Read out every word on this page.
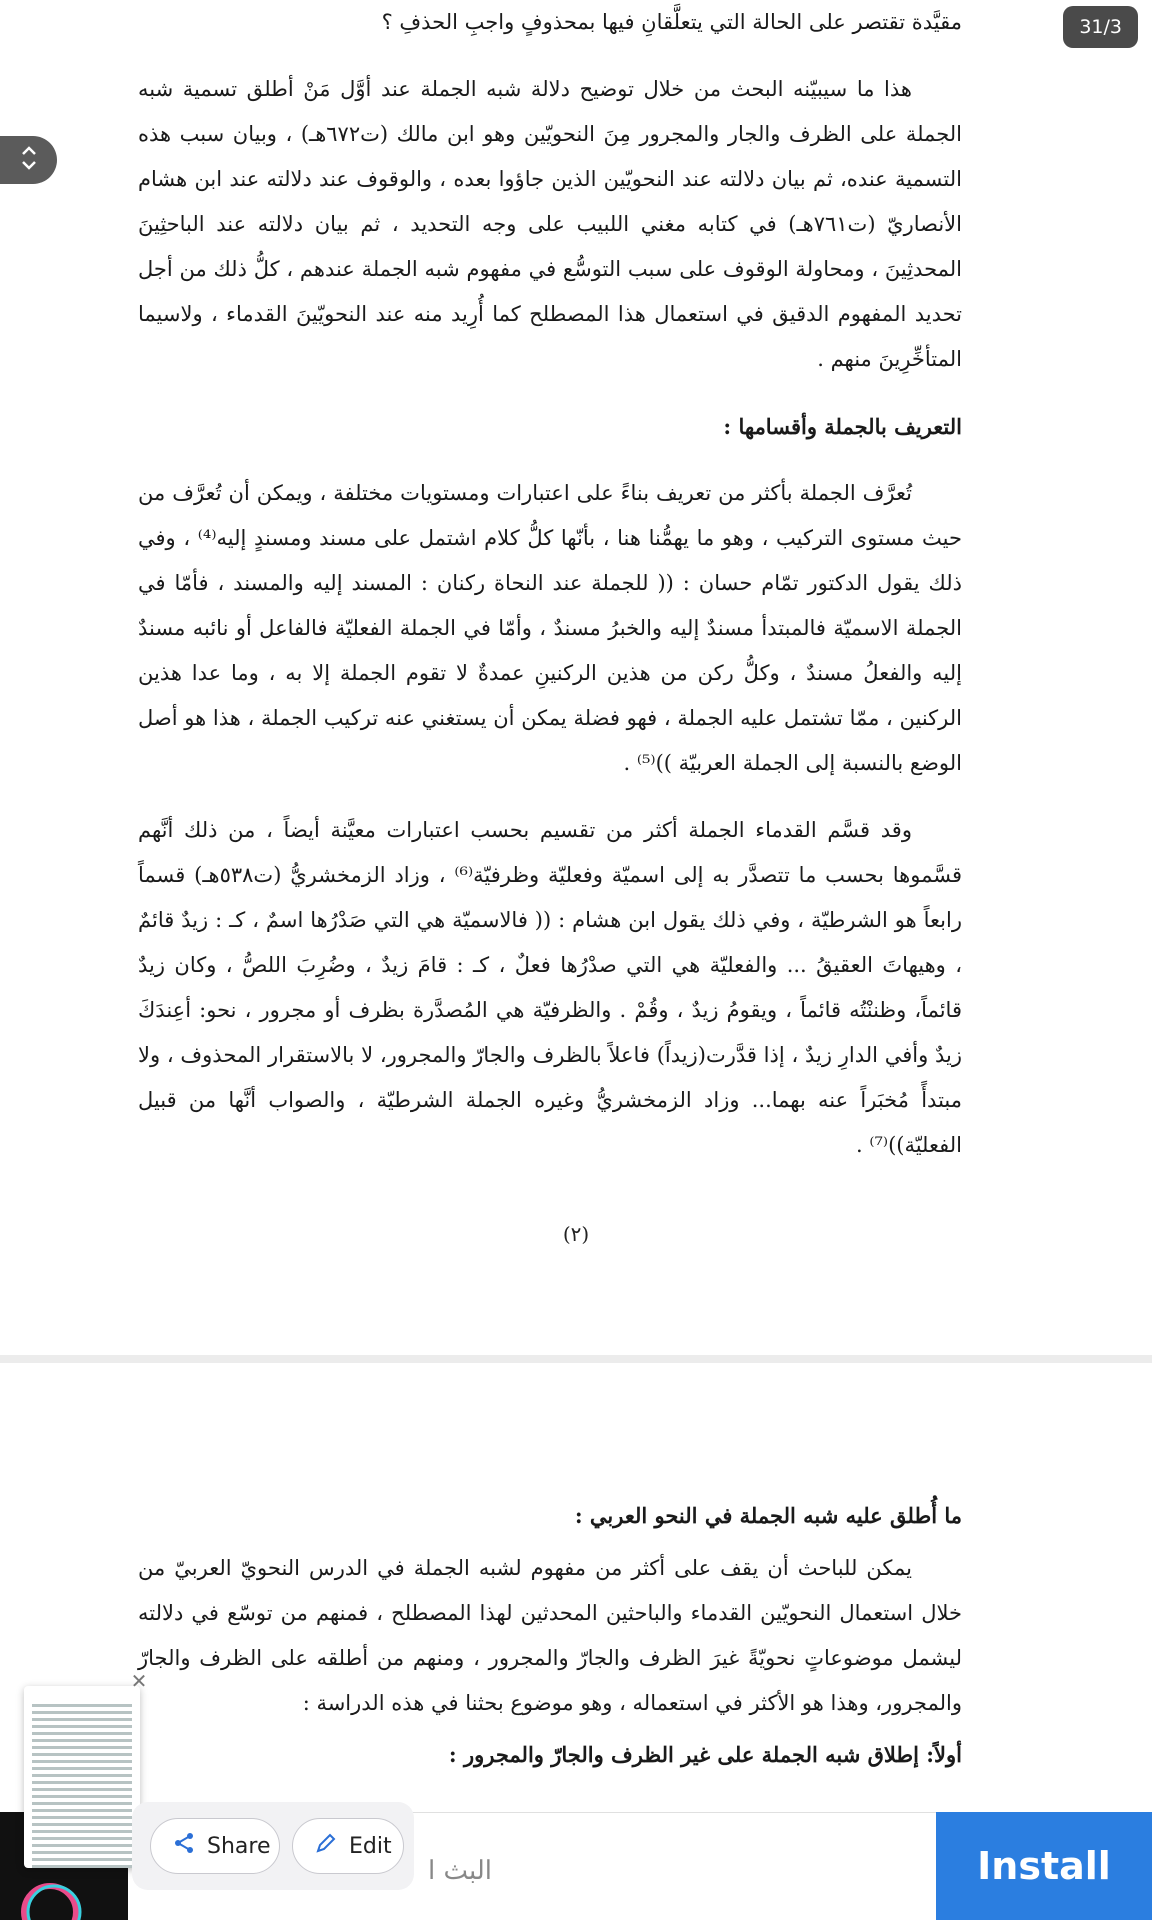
مقيَّدة تقتصر على الحالة التي يتعلَّقانِ فيها بمحذوفٍ واجبِ الحذفِ ؟

هذا ما سيبيّنه البحث من خلال توضيح دلالة شبه الجملة عند أوَّل مَنْ أطلق تسمية شبه الجملة على الظرف والجار والمجرور مِنَ النحويّين وهو ابن مالك (ت٦٧٢هـ) ، وبيان سبب هذه التسمية عنده، ثم بيان دلالته عند النحويّين الذين جاؤوا بعده ، والوقوف عند دلالته عند ابن هشام الأنصاريّ (ت٧٦١هـ) في كتابه مغني اللبيب على وجه التحديد ، ثم بيان دلالته عند الباحثِينَ المحدثِينَ ، ومحاولة الوقوف على سبب التوسُّع في مفهوم شبه الجملة عندهم ، كلُّ ذلك من أجل تحديد المفهوم الدقيق في استعمال هذا المصطلح كما أُرِيد منه عند النحويّينَ القدماء ، ولاسيما المتأخِّرِينَ منهم .

التعريف بالجملة وأقسامها :

تُعرَّف الجملة بأكثر من تعريف بناءً على اعتبارات ومستويات مختلفة ، ويمكن أن تُعرَّف من حيث مستوى التركيب ، وهو ما يهمُّنا هنا ، بأنّها كلُّ كلام اشتمل على مسند ومسندٍ إليه⁽⁴⁾ ، وفي ذلك يقول الدكتور تمّام حسان : (( للجملة عند النحاة ركنان : المسند إليه والمسند ، فأمّا في الجملة الاسميّة فالمبتدأ مسندٌ إليه والخبرُ مسندٌ ، وأمّا في الجملة الفعليّة فالفاعل أو نائبه مسندٌ إليه والفعلُ مسندٌ ، وكلُّ ركن من هذين الركنينِ عمدةٌ لا تقوم الجملة إلا به ، وما عدا هذين الركنين ، ممّا تشتمل عليه الجملة ، فهو فضلة يمكن أن يستغني عنه تركيب الجملة ، هذا هو أصل الوضع بالنسبة إلى الجملة العربيّة ))⁽⁵⁾ .

وقد قسَّم القدماء الجملة أكثر من تقسيم بحسب اعتبارات معيَّنة أيضاً ، من ذلك أنَّهم قسَّموها بحسب ما تتصدَّر به إلى اسميّة وفعليّة وظرفيّة⁽⁶⁾ ، وزاد الزمخشريُّ (ت٥٣٨هـ) قسماً رابعاً هو الشرطيّة ، وفي ذلك يقول ابن هشام : (( فالاسميّة هي التي صَدْرُها اسمٌ ، كـ : زيدٌ قائمٌ ، وهيهاتَ العقيقُ ... والفعليّة هي التي صدْرُها فعلٌ ، كـ : قامَ زيدٌ ، وضُرِبَ اللصُّ ، وكان زيدٌ قائماً، وظننْتُه قائماً ، ويقومُ زيدٌ ، وقُمْ . والظرفيّة هي المُصدَّرة بظرف أو مجرور ، نحو: أعِندَكَ زيدٌ وأفي الدارِ زيدٌ ، إذا قدَّرت(زيداً) فاعلاً بالظرف والجارّ والمجرور، لا بالاستقرار المحذوف ، ولا مبتدأً مُخبَراً عنه بهما... وزاد الزمخشريُّ وغيره الجملة الشرطيّة ، والصواب أنَّها من قبيل الفعليّة))⁽⁷⁾ .

(٢)

ما أُطلق عليه شبه الجملة في النحو العربي :

يمكن للباحث أن يقف على أكثر من مفهوم لشبه الجملة في الدرس النحويّ العربيّ من خلال استعمال النحويّين القدماء والباحثين المحدثين لهذا المصطلح ، فمنهم من توسّع في دلالته ليشمل موضوعاتٍ نحويّةً غيرَ الظرف والجارّ والمجرور ، ومنهم من أطلقه على الظرف والجارّ والمجرور، وهذا هو الأكثر في استعماله ، وهو موضوع بحثنا في هذه الدراسة :

أولاً: إطلاق شبه الجملة على غير الظرف والجارّ والمجرور :

31/3
البث ا	Install
✕
Share	Edit
